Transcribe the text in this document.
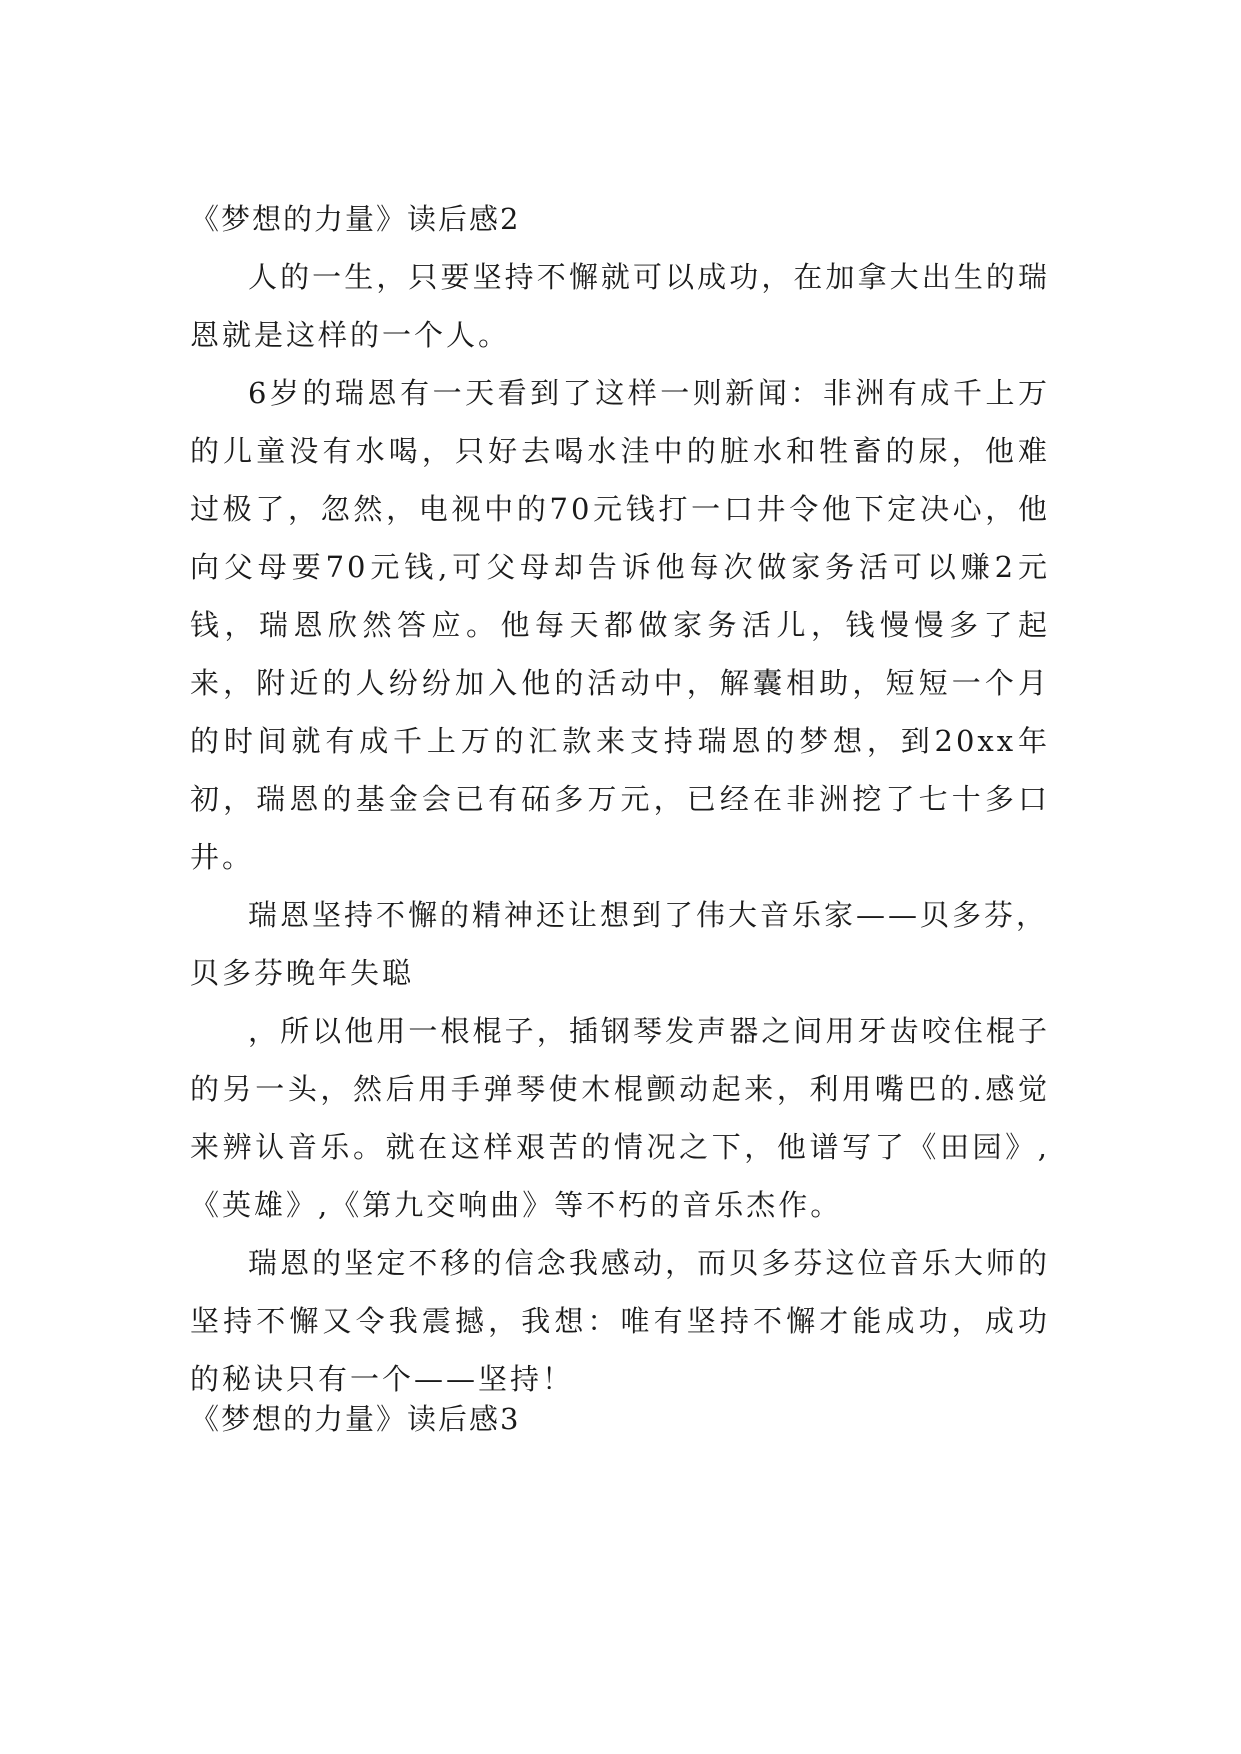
《梦想的力量》读后感2

人的一生，只要坚持不懈就可以成功，在加拿大出生的瑞恩就是这样的一个人。

6岁的瑞恩有一天看到了这样一则新闻：非洲有成千上万的儿童没有水喝，只好去喝水洼中的脏水和牲畜的尿，他难过极了，忽然，电视中的70元钱打一口井令他下定决心，他向父母要70元钱,可父母却告诉他每次做家务活可以赚2元钱，瑞恩欣然答应。他每天都做家务活儿，钱慢慢多了起来，附近的人纷纷加入他的活动中，解囊相助，短短一个月的时间就有成千上万的汇款来支持瑞恩的梦想，到20xx年初，瑞恩的基金会已有砳多万元，已经在非洲挖了七十多口井。

瑞恩坚持不懈的精神还让想到了伟大音乐家——贝多芬，贝多芬晚年失聪

，所以他用一根棍子，插钢琴发声器之间用牙齿咬住棍子的另一头，然后用手弹琴使木棍颤动起来，利用嘴巴的.感觉来辨认音乐。就在这样艰苦的情况之下，他谱写了《田园》,《英雄》,《第九交响曲》等不朽的音乐杰作。

瑞恩的坚定不移的信念我感动，而贝多芬这位音乐大师的坚持不懈又令我震撼，我想：唯有坚持不懈才能成功，成功的秘诀只有一个——坚持！

《梦想的力量》读后感3
